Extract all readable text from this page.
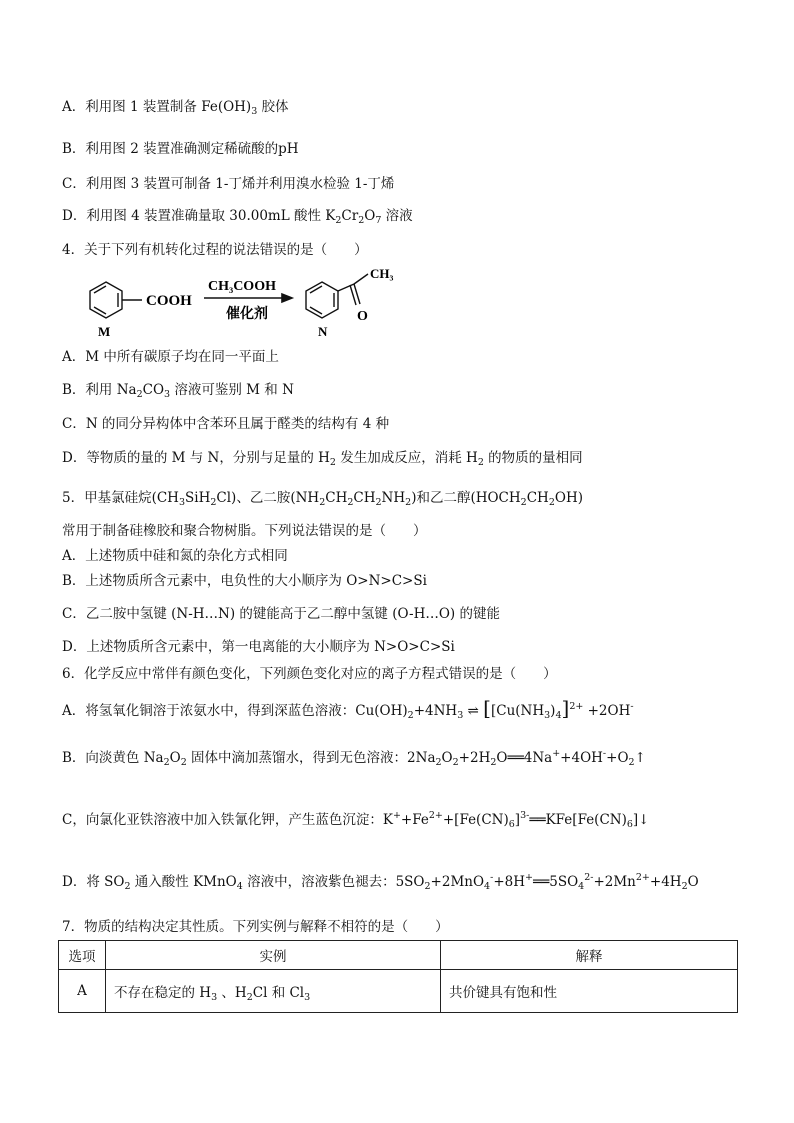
A．利用图 1 装置制备 $Fe(OH)_3$ 胶体
B．利用图 2 装置准确测定稀硫酸的pH
C．利用图 3 装置可制备 1-丁烯并利用溴水检验 1-丁烯
D．利用图 4 装置准确量取 30.00mL 酸性 $K_2Cr_2O_7$ 溶液
4．关于下列有机转化过程的说法错误的是（　　）
COOH
M
CH₃COOH
催化剂
CH₃
O
N
A．M 中所有碳原子均在同一平面上
B．利用 $Na_2CO_3$ 溶液可鉴别 M 和 N
C．N 的同分异构体中含苯环且属于醛类的结构有 4 种
D．等物质的量的 M 与 N，分别与足量的 $H_2$ 发生加成反应，消耗 $H_2$ 的物质的量相同
5．甲基氯硅烷$(CH_3SiH_2Cl)$、乙二胺$(NH_2CH_2CH_2NH_2)$和乙二醇$(HOCH_2CH_2OH)$
常用于制备硅橡胶和聚合物树脂。下列说法错误的是（　　）
A．上述物质中硅和氮的杂化方式相同
B．上述物质所含元素中，电负性的大小顺序为 O>N>C>Si
C．乙二胺中氢键 (N-H…N) 的键能高于乙二醇中氢键 (O-H…O) 的键能
D．上述物质所含元素中，第一电离能的大小顺序为 N>O>C>Si
6．化学反应中常伴有颜色变化，下列颜色变化对应的离子方程式错误的是（　　）
A．将氢氧化铜溶于浓氨水中，得到深蓝色溶液：$Cu(OH)_2+4NH_3$ ⇌ [$[Cu(NH_3)_4]^{2+} +2OH^-$
B．向淡黄色 $Na_2O_2$ 固体中滴加蒸馏水，得到无色溶液：$2Na_2O_2+2H_2O══4Na^++4OH^-+O_2↑$
C，向氯化亚铁溶液中加入铁氰化钾，产生蓝色沉淀：$K^++Fe^{2+}+[Fe(CN)_6]^{3-}══KFe[Fe(CN)_6]↓$
D．将 $SO_2$ 通入酸性 KMnO$_4$ 溶液中，溶液紫色褪去：$5SO_2+2MnO_4^-+8H^+══5SO_4^{2-}+2Mn^{2+}+4H_2O$
7．物质的结构决定其性质。下列实例与解释不相符的是（　　）
选项	实例	解释
A	不存在稳定的 $H_3$ 、$H_2Cl$ 和 $Cl_3$	共价键具有饱和性
